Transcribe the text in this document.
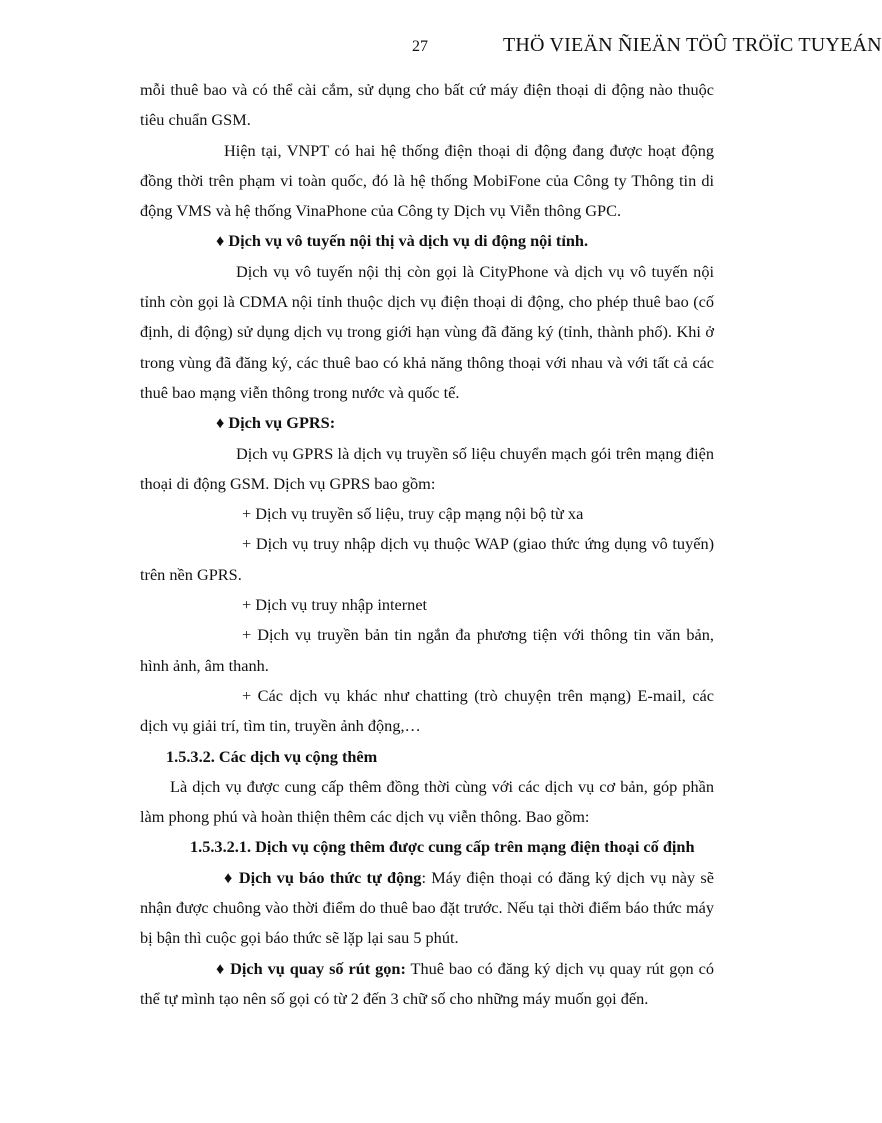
27	THÖ VIEÄN ÑIEÄN TÖÛ TRÖÏC TUYEÁN

mỗi thuê bao và có thể cài cắm, sử dụng cho bất cứ máy điện thoại di động nào thuộc tiêu chuẩn GSM.

Hiện tại, VNPT có hai hệ thống điện thoại di động đang được hoạt động đồng thời trên phạm vi toàn quốc, đó là hệ thống MobiFone của Công ty Thông tin di động VMS và hệ thống VinaPhone của Công ty Dịch vụ Viễn thông GPC.

♦ Dịch vụ vô tuyến nội thị và dịch vụ di động nội tỉnh.

Dịch vụ vô tuyến nội thị còn gọi là CityPhone và dịch vụ vô tuyến nội tỉnh còn gọi là CDMA nội tỉnh thuộc dịch vụ điện thoại di động, cho phép thuê bao (cố định, di động) sử dụng dịch vụ trong giới hạn vùng đã đăng ký (tỉnh, thành phố). Khi ở trong vùng đã đăng ký, các thuê bao có khả năng thông thoại với nhau và với tất cả các thuê bao mạng viễn thông trong nước và quốc tế.

♦ Dịch vụ GPRS:

Dịch vụ GPRS là dịch vụ truyền số liệu chuyển mạch gói trên mạng điện thoại di động GSM. Dịch vụ GPRS bao gồm:

+ Dịch vụ truyền số liệu, truy cập mạng nội bộ từ xa

+ Dịch vụ truy nhập dịch vụ thuộc WAP (giao thức ứng dụng vô tuyến) trên nền GPRS.

+ Dịch vụ truy nhập internet

+ Dịch vụ truyền bản tin ngắn đa phương tiện với thông tin văn bản, hình ảnh, âm thanh.

+ Các dịch vụ khác như chatting (trò chuyện trên mạng) E-mail, các dịch vụ giải trí, tìm tin, truyền ảnh động,…

1.5.3.2. Các dịch vụ cộng thêm

Là dịch vụ được cung cấp thêm đồng thời cùng với các dịch vụ cơ bản, góp phần làm phong phú và hoàn thiện thêm các dịch vụ viễn thông. Bao gồm:

1.5.3.2.1. Dịch vụ cộng thêm được cung cấp trên mạng điện thoại cố định

♦ Dịch vụ báo thức tự động: Máy điện thoại có đăng ký dịch vụ này sẽ nhận được chuông vào thời điểm do thuê bao đặt trước. Nếu tại thời điểm báo thức máy bị bận thì cuộc gọi báo thức sẽ lặp lại sau 5 phút.

♦ Dịch vụ quay số rút gọn: Thuê bao có đăng ký dịch vụ quay rút gọn có thể tự mình tạo nên số gọi có từ 2 đến 3 chữ số cho những máy muốn gọi đến.
